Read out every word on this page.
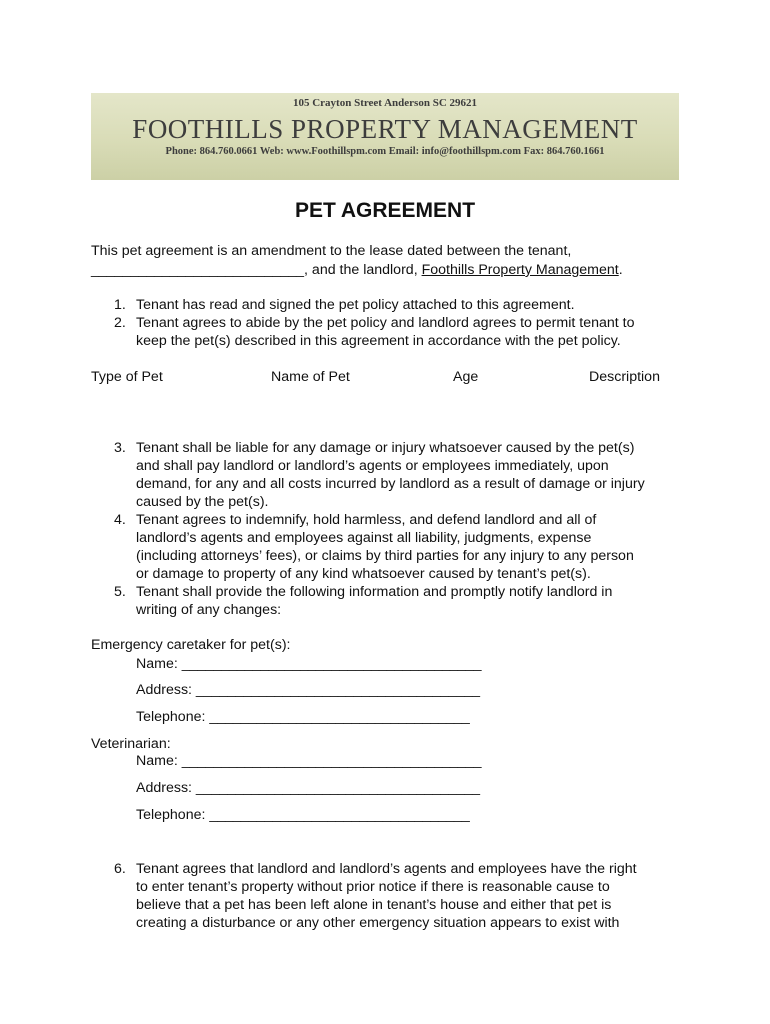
105 Crayton Street Anderson SC 29621
FOOTHILLS PROPERTY MANAGEMENT
Phone: 864.760.0661 Web: www.Foothillspm.com Email: info@foothillspm.com Fax: 864.760.1661
PET AGREEMENT
This pet agreement is an amendment to the lease dated between the tenant,
___________________________, and the landlord, Foothills Property Management.
1. Tenant has read and signed the pet policy attached to this agreement.
2. Tenant agrees to abide by the pet policy and landlord agrees to permit tenant to
keep the pet(s) described in this agreement in accordance with the pet policy.
Type of Pet	Name of Pet	Age	Description
3. Tenant shall be liable for any damage or injury whatsoever caused by the pet(s)
and shall pay landlord or landlord’s agents or employees immediately, upon
demand, for any and all costs incurred by landlord as a result of damage or injury
caused by the pet(s).
4. Tenant agrees to indemnify, hold harmless, and defend landlord and all of
landlord’s agents and employees against all liability, judgments, expense
(including attorneys’ fees), or claims by third parties for any injury to any person
or damage to property of any kind whatsoever caused by tenant’s pet(s).
5. Tenant shall provide the following information and promptly notify landlord in
writing of any changes:
Emergency caretaker for pet(s):
Name: ______________________________________
Address: ____________________________________
Telephone: _________________________________
Veterinarian:
Name: ______________________________________
Address: ____________________________________
Telephone: _________________________________
6. Tenant agrees that landlord and landlord’s agents and employees have the right
to enter tenant’s property without prior notice if there is reasonable cause to
believe that a pet has been left alone in tenant’s house and either that pet is
creating a disturbance or any other emergency situation appears to exist with
